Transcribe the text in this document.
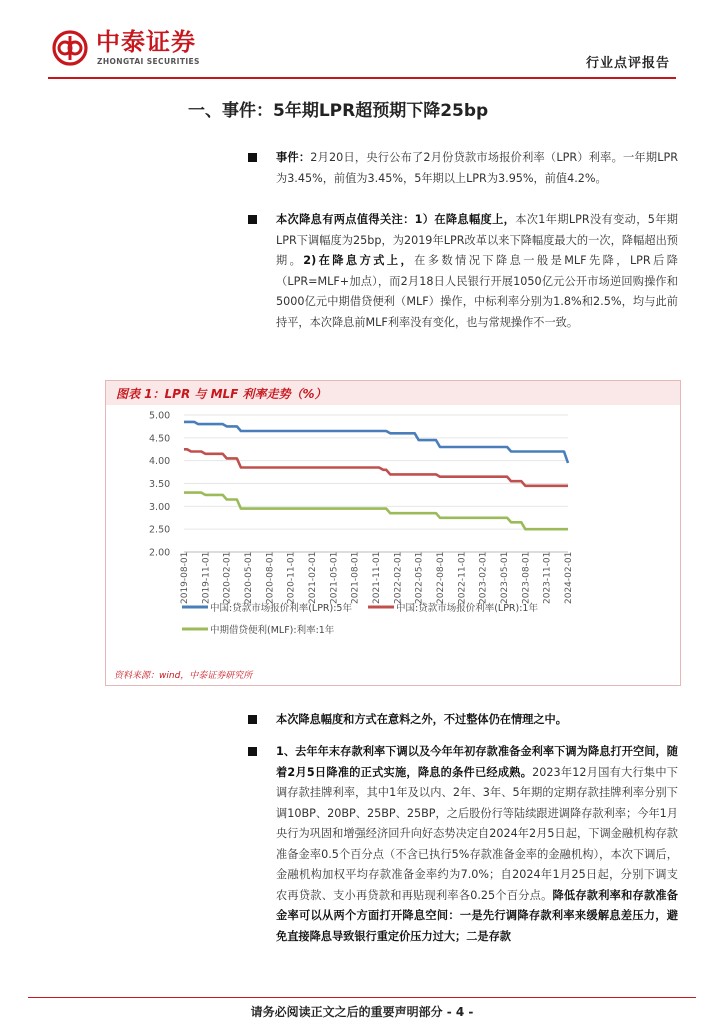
中泰证券
ZHONGTAI SECURITIES	行业点评报告
一、事件：5年期LPR超预期下降25bp

事件：2月20日，央行公布了2月份贷款市场报价利率（LPR）利率。一年期LPR为3.45%，前值为3.45%，5年期以上LPR为3.95%，前值4.2%。

本次降息有两点值得关注：1）在降息幅度上，本次1年期LPR没有变动，5年期LPR下调幅度为25bp，为2019年LPR改革以来下降幅度最大的一次，降幅超出预期。2)在降息方式上，在多数情况下降息一般是MLF先降，LPR后降（LPR=MLF+加点），而2月18日人民银行开展1050亿元公开市场逆回购操作和5000亿元中期借贷便利（MLF）操作，中标利率分别为1.8%和2.5%，均与此前持平，本次降息前MLF利率没有变化，也与常规操作不一致。

图表 1：LPR 与 MLF 利率走势（%）
5.00
4.50
4.00
3.50
3.00
2.50
2.00 2019-08-01 2019-11-01 2020-02-01 2020-05-01 2020-08-01 2020-11-01 2021-02-01 2021-05-01 2021-08-01 2021-11-01 2022-02-01 2022-05-01 2022-08-01 2022-11-01 2023-02-01 2023-05-01 2023-08-01 2023-11-01 2024-02-01
中国:贷款市场报价利率(LPR):5年	中国:贷款市场报价利率(LPR):1年
中期借贷便利(MLF):利率:1年
资料来源：wind，中泰证券研究所

本次降息幅度和方式在意料之外，不过整体仍在情理之中。

1、去年年末存款利率下调以及今年年初存款准备金利率下调为降息打开空间，随着2月5日降准的正式实施，降息的条件已经成熟。2023年12月国有大行集中下调存款挂牌利率，其中1年及以内、2年、3年、5年期的定期存款挂牌利率分别下调10BP、20BP、25BP、25BP，之后股份行等陆续跟进调降存款利率；今年1月央行为巩固和增强经济回升向好态势决定自2024年2月5日起，下调金融机构存款准备金率0.5个百分点（不含已执行5%存款准备金率的金融机构），本次下调后，金融机构加权平均存款准备金率约为7.0%；自2024年1月25日起，分别下调支农再贷款、支小再贷款和再贴现利率各0.25个百分点。降低存款利率和存款准备金率可以从两个方面打开降息空间：一是先行调降存款利率来缓解息差压力，避免直接降息导致银行重定价压力过大；二是存款

请务必阅读正文之后的重要声明部分 - 4 -
